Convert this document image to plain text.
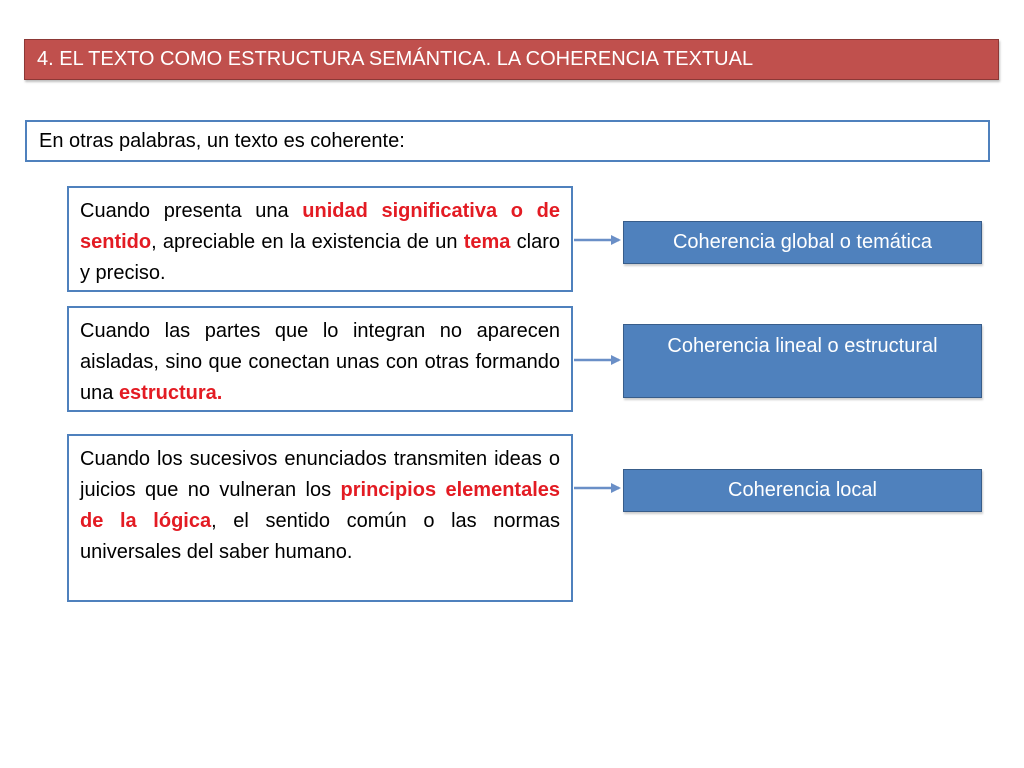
4. EL TEXTO COMO ESTRUCTURA SEMÁNTICA. LA COHERENCIA TEXTUAL
En otras palabras, un texto es coherente:
Cuando presenta una unidad significativa o de sentido, apreciable en la existencia de un tema claro y preciso.
Cuando las partes que lo integran no aparecen aisladas, sino que conectan unas con otras formando una estructura.
Cuando los sucesivos enunciados transmiten ideas o juicios que no vulneran los principios elementales de la lógica, el sentido común o las normas universales del saber humano.
Coherencia global o temática
Coherencia lineal o estructural
Coherencia local
